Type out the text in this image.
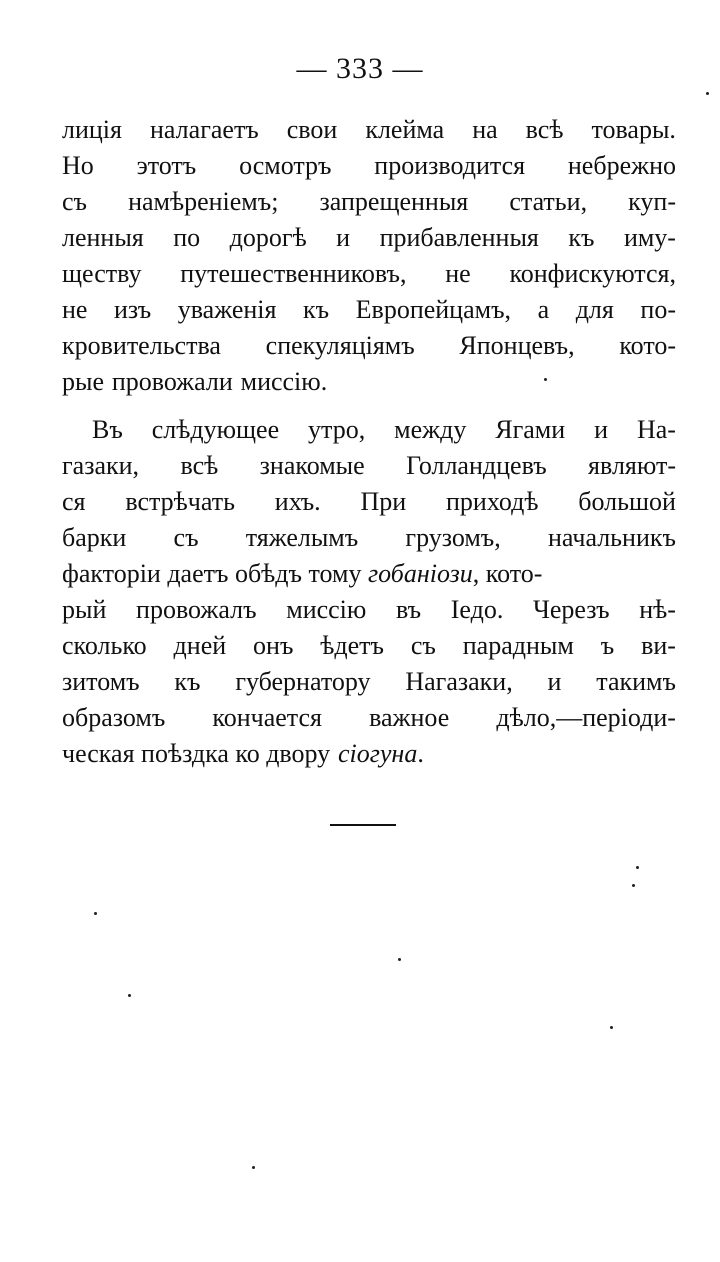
— 333 —
лиція налагаетъ свои клейма на всѣ товары.
Но этотъ осмотръ производится небрежно
съ намѣреніемъ; запрещенныя статьи, куп-
ленныя по дорогѣ и прибавленныя къ иму-
ществу путешественниковъ, не конфискуются,
не изъ уваженія къ Европейцамъ, а для по-
кровительства спекуляціямъ Японцевъ, кото-
рые провожали миссію.
Въ слѣдующее утро, между Ягами и На-
газаки, всѣ знакомые Голландцевъ являют-
ся встрѣчать ихъ. При приходѣ большой
барки съ тяжелымъ грузомъ, начальникъ
факторіи даетъ обѣдъ тому гобаніози, кото-
рый провожалъ миссію въ Іедо. Черезъ нѣ-
сколько дней онъ ѣдетъ съ парадным ъ ви-
зитомъ къ губернатору Нагазаки, и такимъ
образомъ кончается важное дѣло,—періоди-
ческая поѣздка ко двору сіогуна.
